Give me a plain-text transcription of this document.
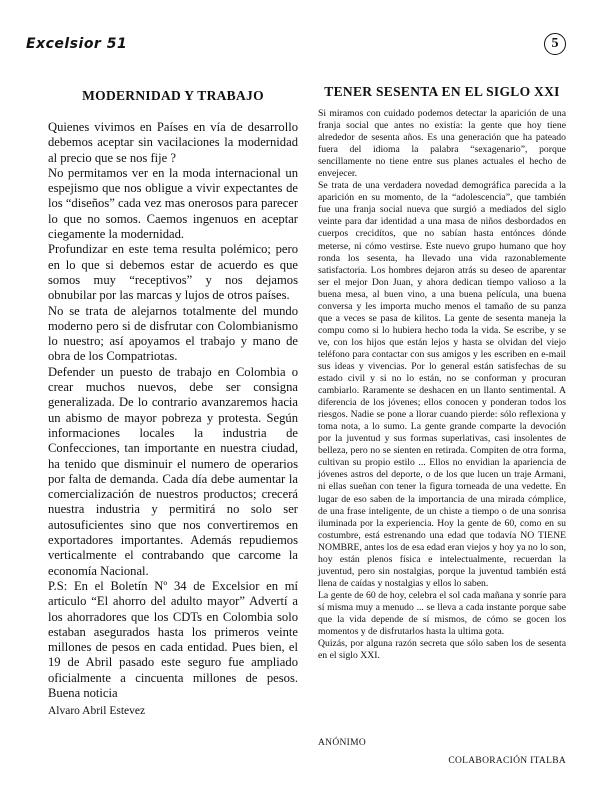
Excelsior 51	5
MODERNIDAD Y TRABAJO

Quienes vivimos en Países en vía de desarrollo debemos aceptar sin vacilaciones la modernidad al precio que se nos fije ?

No permitamos ver en la moda internacional un espejismo que nos obligue a vivir expectantes de los “diseños” cada vez mas onerosos para parecer lo que no somos. Caemos ingenuos en aceptar ciegamente la modernidad.

Profundizar en este tema resulta polémico; pero en lo que si debemos estar de acuerdo es que somos muy “receptivos” y nos dejamos obnubilar por las marcas y lujos de otros países.

No se trata de alejarnos totalmente del mundo moderno pero si de disfrutar con Colombianismo lo nuestro; así apoyamos el trabajo y mano de obra de los Compatriotas.

Defender un puesto de trabajo en Colombia o crear muchos nuevos, debe ser consigna generalizada. De lo contrario avanzaremos hacia un abismo de mayor pobreza y protesta. Según informaciones locales la industria de Confecciones, tan importante en nuestra ciudad, ha tenido que disminuir el numero de operarios por falta de demanda. Cada día debe aumentar la comercialización de nuestros productos; crecerá nuestra industria y permitirá no solo ser autosuficientes sino que nos convertiremos en exportadores importantes. Además repudiemos verticalmente el contrabando que carcome la economía Nacional.

P.S: En el Boletín Nº 34 de Excelsior en mí articulo “El ahorro del adulto mayor” Advertí a los ahorradores que los CDTs en Colombia solo estaban asegurados hasta los primeros veinte millones de pesos en cada entidad. Pues bien, el 19 de Abril pasado este seguro fue ampliado oficialmente a cincuenta millones de pesos. Buena noticia

Alvaro Abril Estevez
TENER SESENTA EN EL SIGLO XXI

Si miramos con cuidado podemos detectar la aparición de una franja social que antes no existía: la gente que hoy tiene alrededor de sesenta años. Es una generación que ha pateado fuera del idioma la palabra “sexagenario”, porque sencillamente no tiene entre sus planes actuales el hecho de envejecer.

Se trata de una verdadera novedad demográfica parecida a la aparición en su momento, de la “adolescencia”, que también fue una franja social nueva que surgió a mediados del siglo veinte para dar identidad a una masa de niños desbordados en cuerpos crecidítos, que no sabían hasta entónces dónde meterse, ni cómo vestirse. Este nuevo grupo humano que hoy ronda los sesenta, ha llevado una vida razonablemente satisfactoria. Los hombres dejaron atrás su deseo de aparentar ser el mejor Don Juan, y ahora dedican tiempo valioso a la buena mesa, al buen vino, a una buena película, una buena conversa y les importa mucho menos el tamaño de su panza que a veces se pasa de kilitos. La gente de sesenta maneja la compu como si lo hubiera hecho toda la vida. Se escribe, y se ve, con los hijos que están lejos y hasta se olvidan del viejo teléfono para contactar con sus amigos y les escriben en e-mail sus ideas y vivencias. Por lo general están satisfechas de su estado civil y si no lo están, no se conforman y procuran cambiarlo. Raramente se deshacen en un llanto sentimental. A diferencia de los jóvenes; ellos conocen y ponderan todos los riesgos. Nadie se pone a llorar cuando pierde: sólo reflexiona y toma nota, a lo sumo. La gente grande comparte la devoción por la juventud y sus formas superlativas, casi insolentes de belleza, pero no se sienten en retirada. Compiten de otra forma, cultivan su propio estilo ... Ellos no envidian la apariencia de jóvenes astros del deporte, o de los que lucen un traje Armani, ni ellas sueñan con tener la figura torneada de una vedette. En lugar de eso saben de la importancia de una mirada cómplice, de una frase inteligente, de un chiste a tiempo o de una sonrisa iluminada por la experiencia. Hoy la gente de 60, como en su costumbre, está estrenando una edad que todavía NO TIENE NOMBRE, antes los de esa edad eran viejos y hoy ya no lo son, hoy están plenos física e intelectualmente, recuerdan la juventud, pero sin nostalgias, porque la juventud también está llena de caídas y nostalgias y ellos lo saben.

La gente de 60 de hoy, celebra el sol cada mañana y sonríe para sí misma muy a menudo ... se lleva a cada instante porque sabe que la vida depende de sí mismos, de cómo se gocen los momentos y de disfrutarlos hasta la ultima gota.

Quizás, por alguna razón secreta que sólo saben los de sesenta en el siglo XXI.

ANÓNIMO
COLABORACIÓN ITALBA
